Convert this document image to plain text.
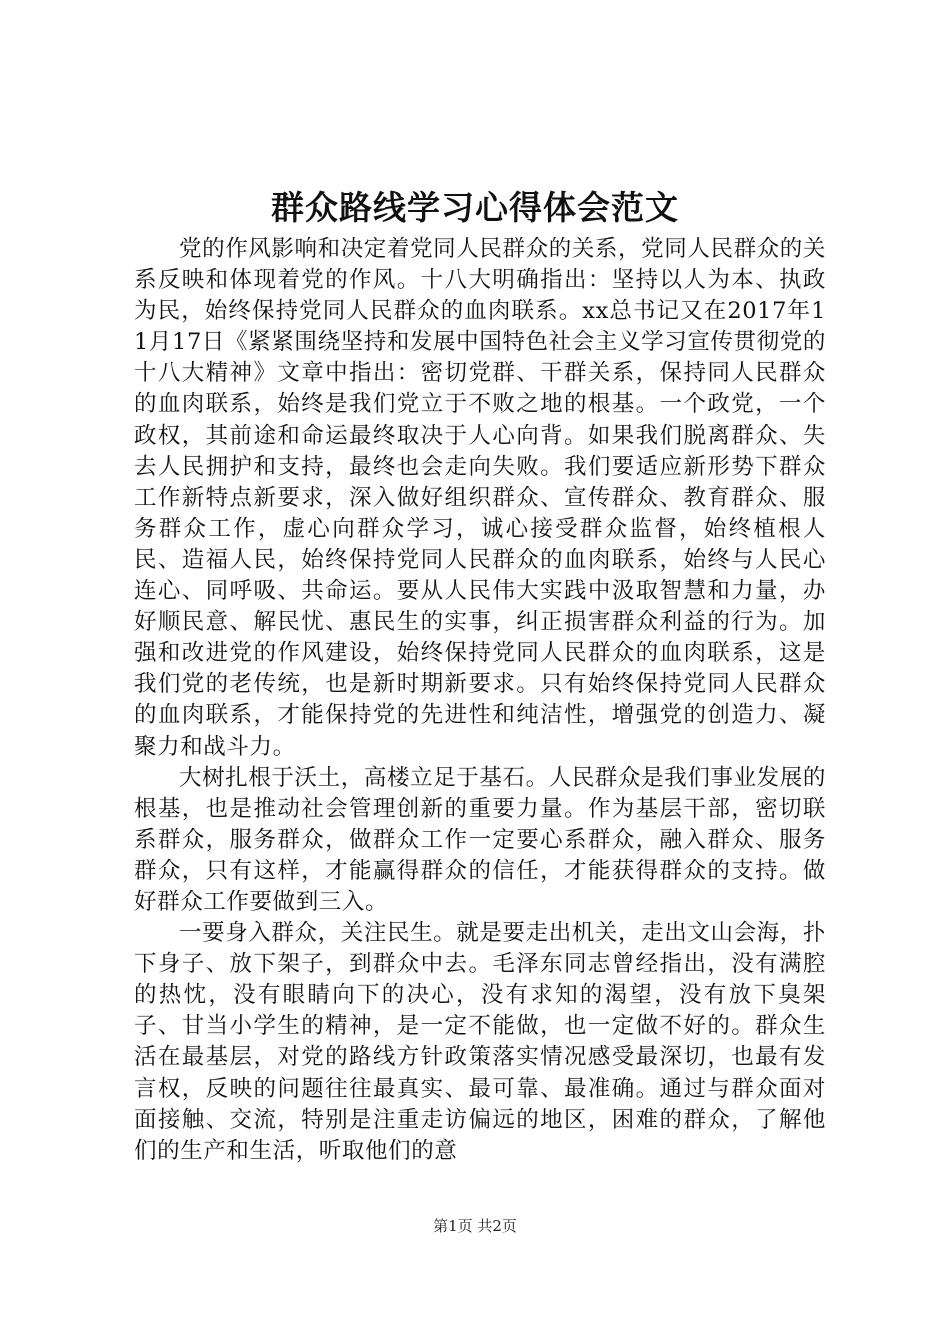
群众路线学习心得体会范文

党的作风影响和决定着党同人民群众的关系，党同人民群众的关系反映和体现着党的作风。十八大明确指出：坚持以人为本、执政为民，始终保持党同人民群众的血肉联系。xx总书记又在2017年11月17日《紧紧围绕坚持和发展中国特色社会主义学习宣传贯彻党的十八大精神》文章中指出：密切党群、干群关系，保持同人民群众的血肉联系，始终是我们党立于不败之地的根基。一个政党，一个政权，其前途和命运最终取决于人心向背。如果我们脱离群众、失去人民拥护和支持，最终也会走向失败。我们要适应新形势下群众工作新特点新要求，深入做好组织群众、宣传群众、教育群众、服务群众工作，虚心向群众学习，诚心接受群众监督，始终植根人民、造福人民，始终保持党同人民群众的血肉联系，始终与人民心连心、同呼吸、共命运。要从人民伟大实践中汲取智慧和力量，办好顺民意、解民忧、惠民生的实事，纠正损害群众利益的行为。加强和改进党的作风建设，始终保持党同人民群众的血肉联系，这是我们党的老传统，也是新时期新要求。只有始终保持党同人民群众的血肉联系，才能保持党的先进性和纯洁性，增强党的创造力、凝聚力和战斗力。

大树扎根于沃土，高楼立足于基石。人民群众是我们事业发展的根基，也是推动社会管理创新的重要力量。作为基层干部，密切联系群众，服务群众，做群众工作一定要心系群众，融入群众、服务群众，只有这样，才能赢得群众的信任，才能获得群众的支持。做好群众工作要做到三入。

一要身入群众，关注民生。就是要走出机关，走出文山会海，扑下身子、放下架子，到群众中去。毛泽东同志曾经指出，没有满腔的热忱，没有眼睛向下的决心，没有求知的渴望，没有放下臭架子、甘当小学生的精神，是一定不能做，也一定做不好的。群众生活在最基层，对党的路线方针政策落实情况感受最深切，也最有发言权，反映的问题往往最真实、最可靠、最准确。通过与群众面对面接触、交流，特别是注重走访偏远的地区，困难的群众，了解他们的生产和生活，听取他们的意

第1页 共2页
